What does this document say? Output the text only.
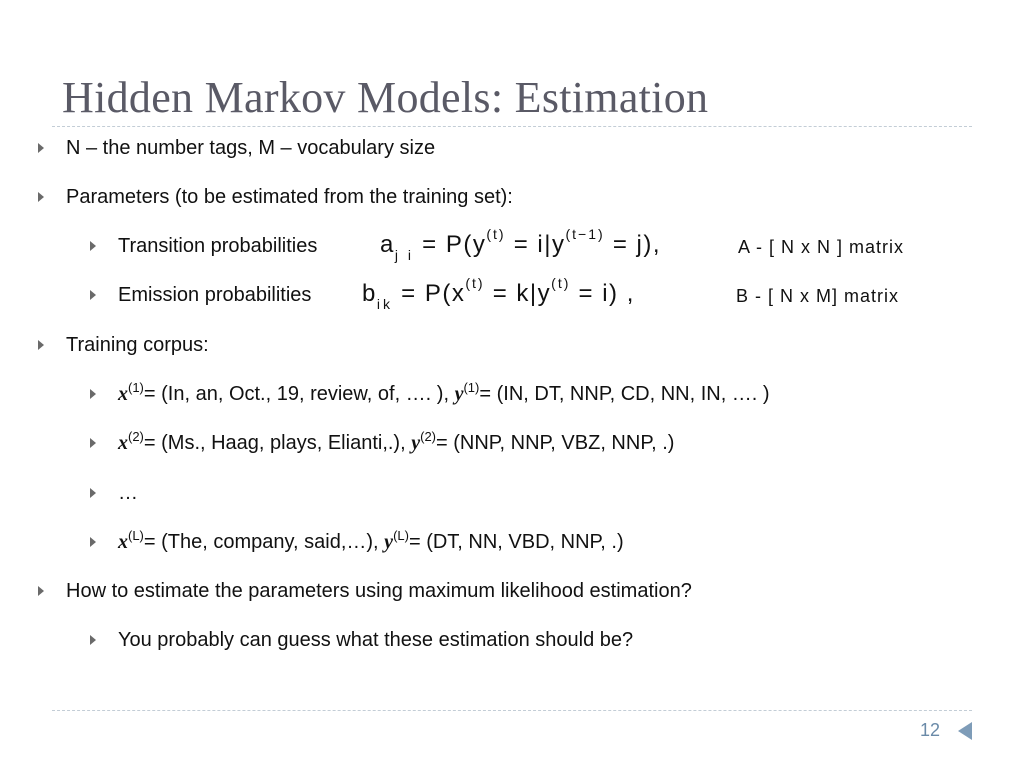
Hidden Markov Models: Estimation
N – the number tags, M – vocabulary size
Parameters (to be estimated from the training set):
Transition probabilities	$a_{j i} = P(y^{(t)} = i|y^{(t-1)} = j)$,	A - [ N x N ] matrix
Emission probabilities $b_{ik} = P(x^{(t)} = k|y^{(t)} = i)$ ,	B - [ N x M] matrix
Training corpus:
$x^{(1)}= (In$, an, Oct., 19, review, of, …. ), $y^{(1)}= (IN$, DT, NNP, CD, NN, IN, …. )
$x^{(2)}= (Ms$., Haag, plays, Elianti,.), $y^{(2)}= (NNP$, NNP, VBZ, NNP, .)
…
$x^{(L)}= (The$, company, said,…), $y^{(L)}= (DT$, NN, VBD, NNP, .)
How to estimate the parameters using maximum likelihood estimation?
You probably can guess what these estimation should be?
12
